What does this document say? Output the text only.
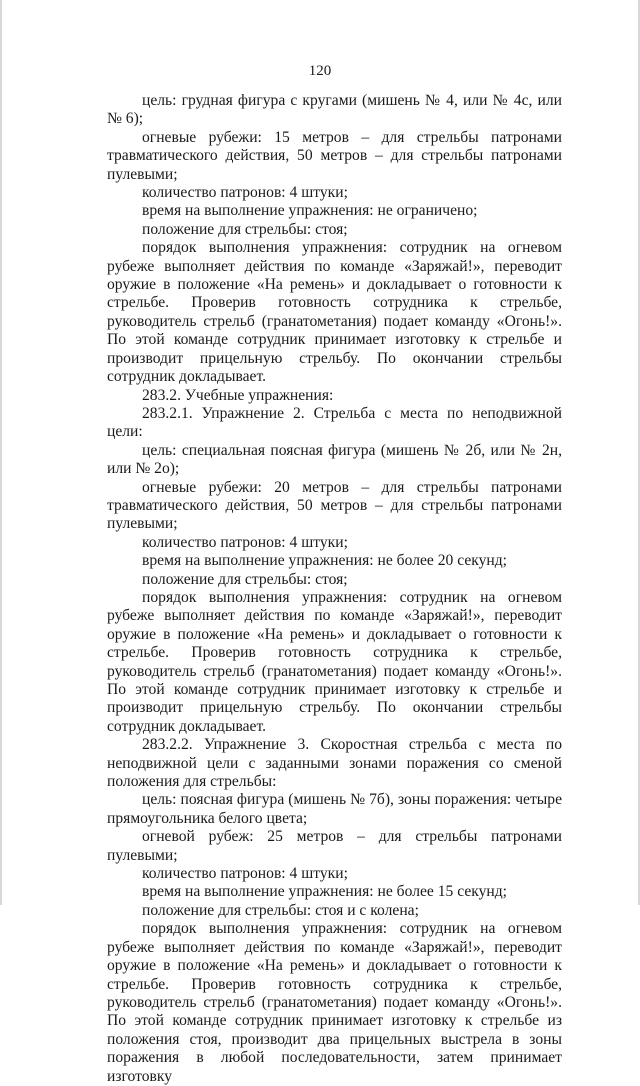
120

цель: грудная фигура с кругами (мишень № 4, или № 4с, или № 6);

огневые рубежи: 15 метров – для стрельбы патронами травматического действия, 50 метров – для стрельбы патронами пулевыми;

количество патронов: 4 штуки;

время на выполнение упражнения: не ограничено;

положение для стрельбы: стоя;

порядок выполнения упражнения: сотрудник на огневом рубеже выполняет действия по команде «Заряжай!», переводит оружие в положение «На ремень» и докладывает о готовности к стрельбе. Проверив готовность сотрудника к стрельбе, руководитель стрельб (гранатометания) подает команду «Огонь!». По этой команде сотрудник принимает изготовку к стрельбе и производит прицельную стрельбу. По окончании стрельбы сотрудник докладывает.

283.2. Учебные упражнения:

283.2.1. Упражнение 2. Стрельба с места по неподвижной цели:

цель: специальная поясная фигура (мишень № 2б, или № 2н, или № 2о);

огневые рубежи: 20 метров – для стрельбы патронами травматического действия, 50 метров – для стрельбы патронами пулевыми;

количество патронов: 4 штуки;

время на выполнение упражнения: не более 20 секунд;

положение для стрельбы: стоя;

порядок выполнения упражнения: сотрудник на огневом рубеже выполняет действия по команде «Заряжай!», переводит оружие в положение «На ремень» и докладывает о готовности к стрельбе. Проверив готовность сотрудника к стрельбе, руководитель стрельб (гранатометания) подает команду «Огонь!». По этой команде сотрудник принимает изготовку к стрельбе и производит прицельную стрельбу. По окончании стрельбы сотрудник докладывает.

283.2.2. Упражнение 3. Скоростная стрельба с места по неподвижной цели с заданными зонами поражения со сменой положения для стрельбы:

цель: поясная фигура (мишень № 7б), зоны поражения: четыре прямоугольника белого цвета;

огневой рубеж: 25 метров – для стрельбы патронами пулевыми;

количество патронов: 4 штуки;

время на выполнение упражнения: не более 15 секунд;

положение для стрельбы: стоя и с колена;

порядок выполнения упражнения: сотрудник на огневом рубеже выполняет действия по команде «Заряжай!», переводит оружие в положение «На ремень» и докладывает о готовности к стрельбе. Проверив готовность сотрудника к стрельбе, руководитель стрельб (гранатометания) подает команду «Огонь!». По этой команде сотрудник принимает изготовку к стрельбе из положения стоя, производит два прицельных выстрела в зоны поражения в любой последовательности, затем принимает изготовку
